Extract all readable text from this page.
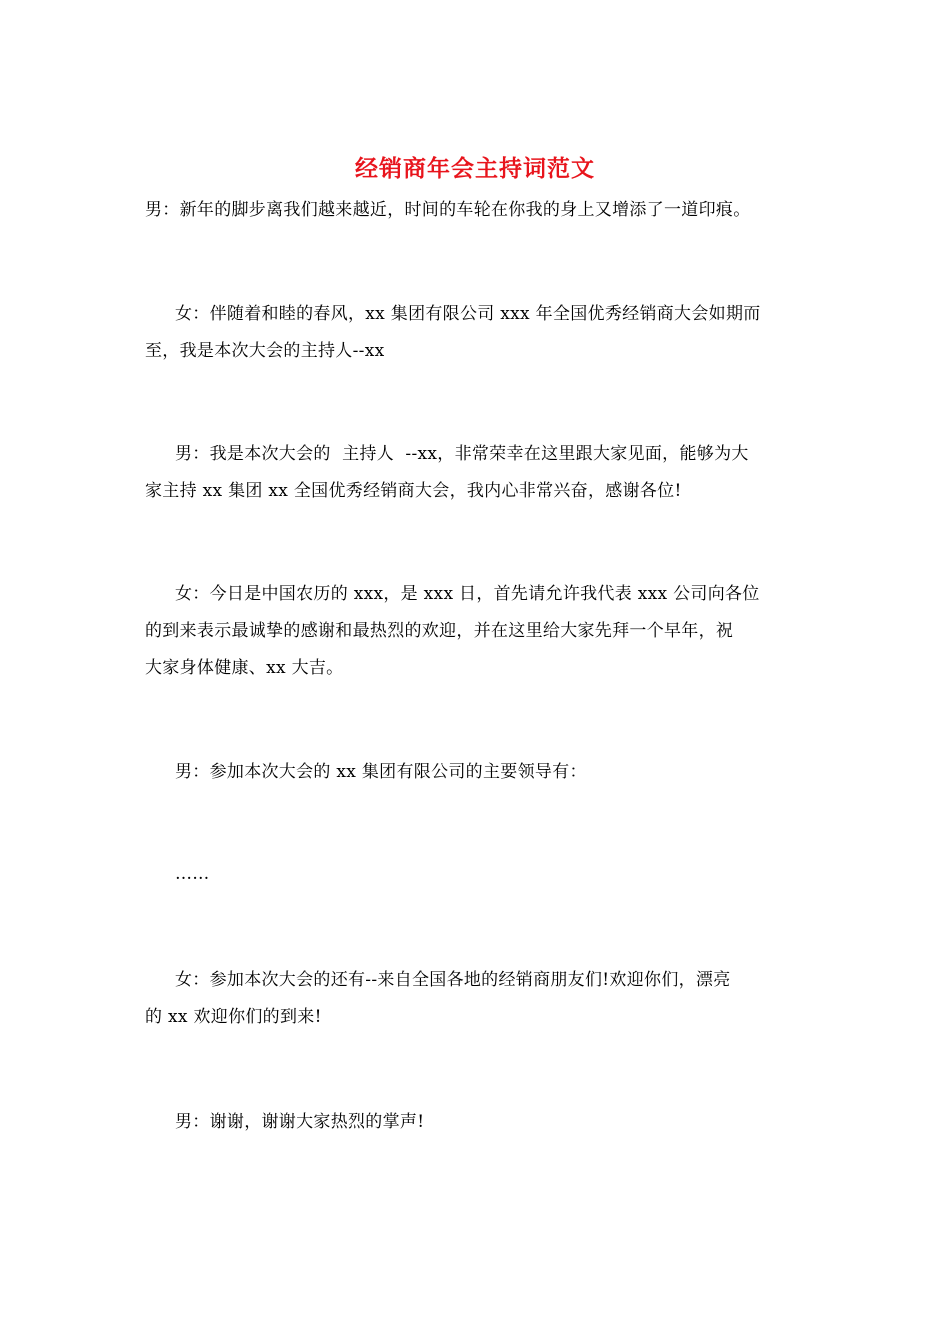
经销商年会主持词范文
男：新年的脚步离我们越来越近，时间的车轮在你我的身上又增添了一道印痕。
女：伴随着和睦的春风，xx 集团有限公司 xxx 年全国优秀经销商大会如期而
至，我是本次大会的主持人--xx
男：我是本次大会的  主持人  --xx，非常荣幸在这里跟大家见面，能够为大
家主持 xx 集团 xx 全国优秀经销商大会，我内心非常兴奋，感谢各位!
女：今日是中国农历的 xxx，是 xxx 日，首先请允许我代表 xxx 公司向各位
的到来表示最诚挚的感谢和最热烈的欢迎，并在这里给大家先拜一个早年，祝
大家身体健康、xx 大吉。
男：参加本次大会的 xx 集团有限公司的主要领导有：
……
女：参加本次大会的还有--来自全国各地的经销商朋友们!欢迎你们，漂亮
的 xx 欢迎你们的到来!
男：谢谢，谢谢大家热烈的掌声!
